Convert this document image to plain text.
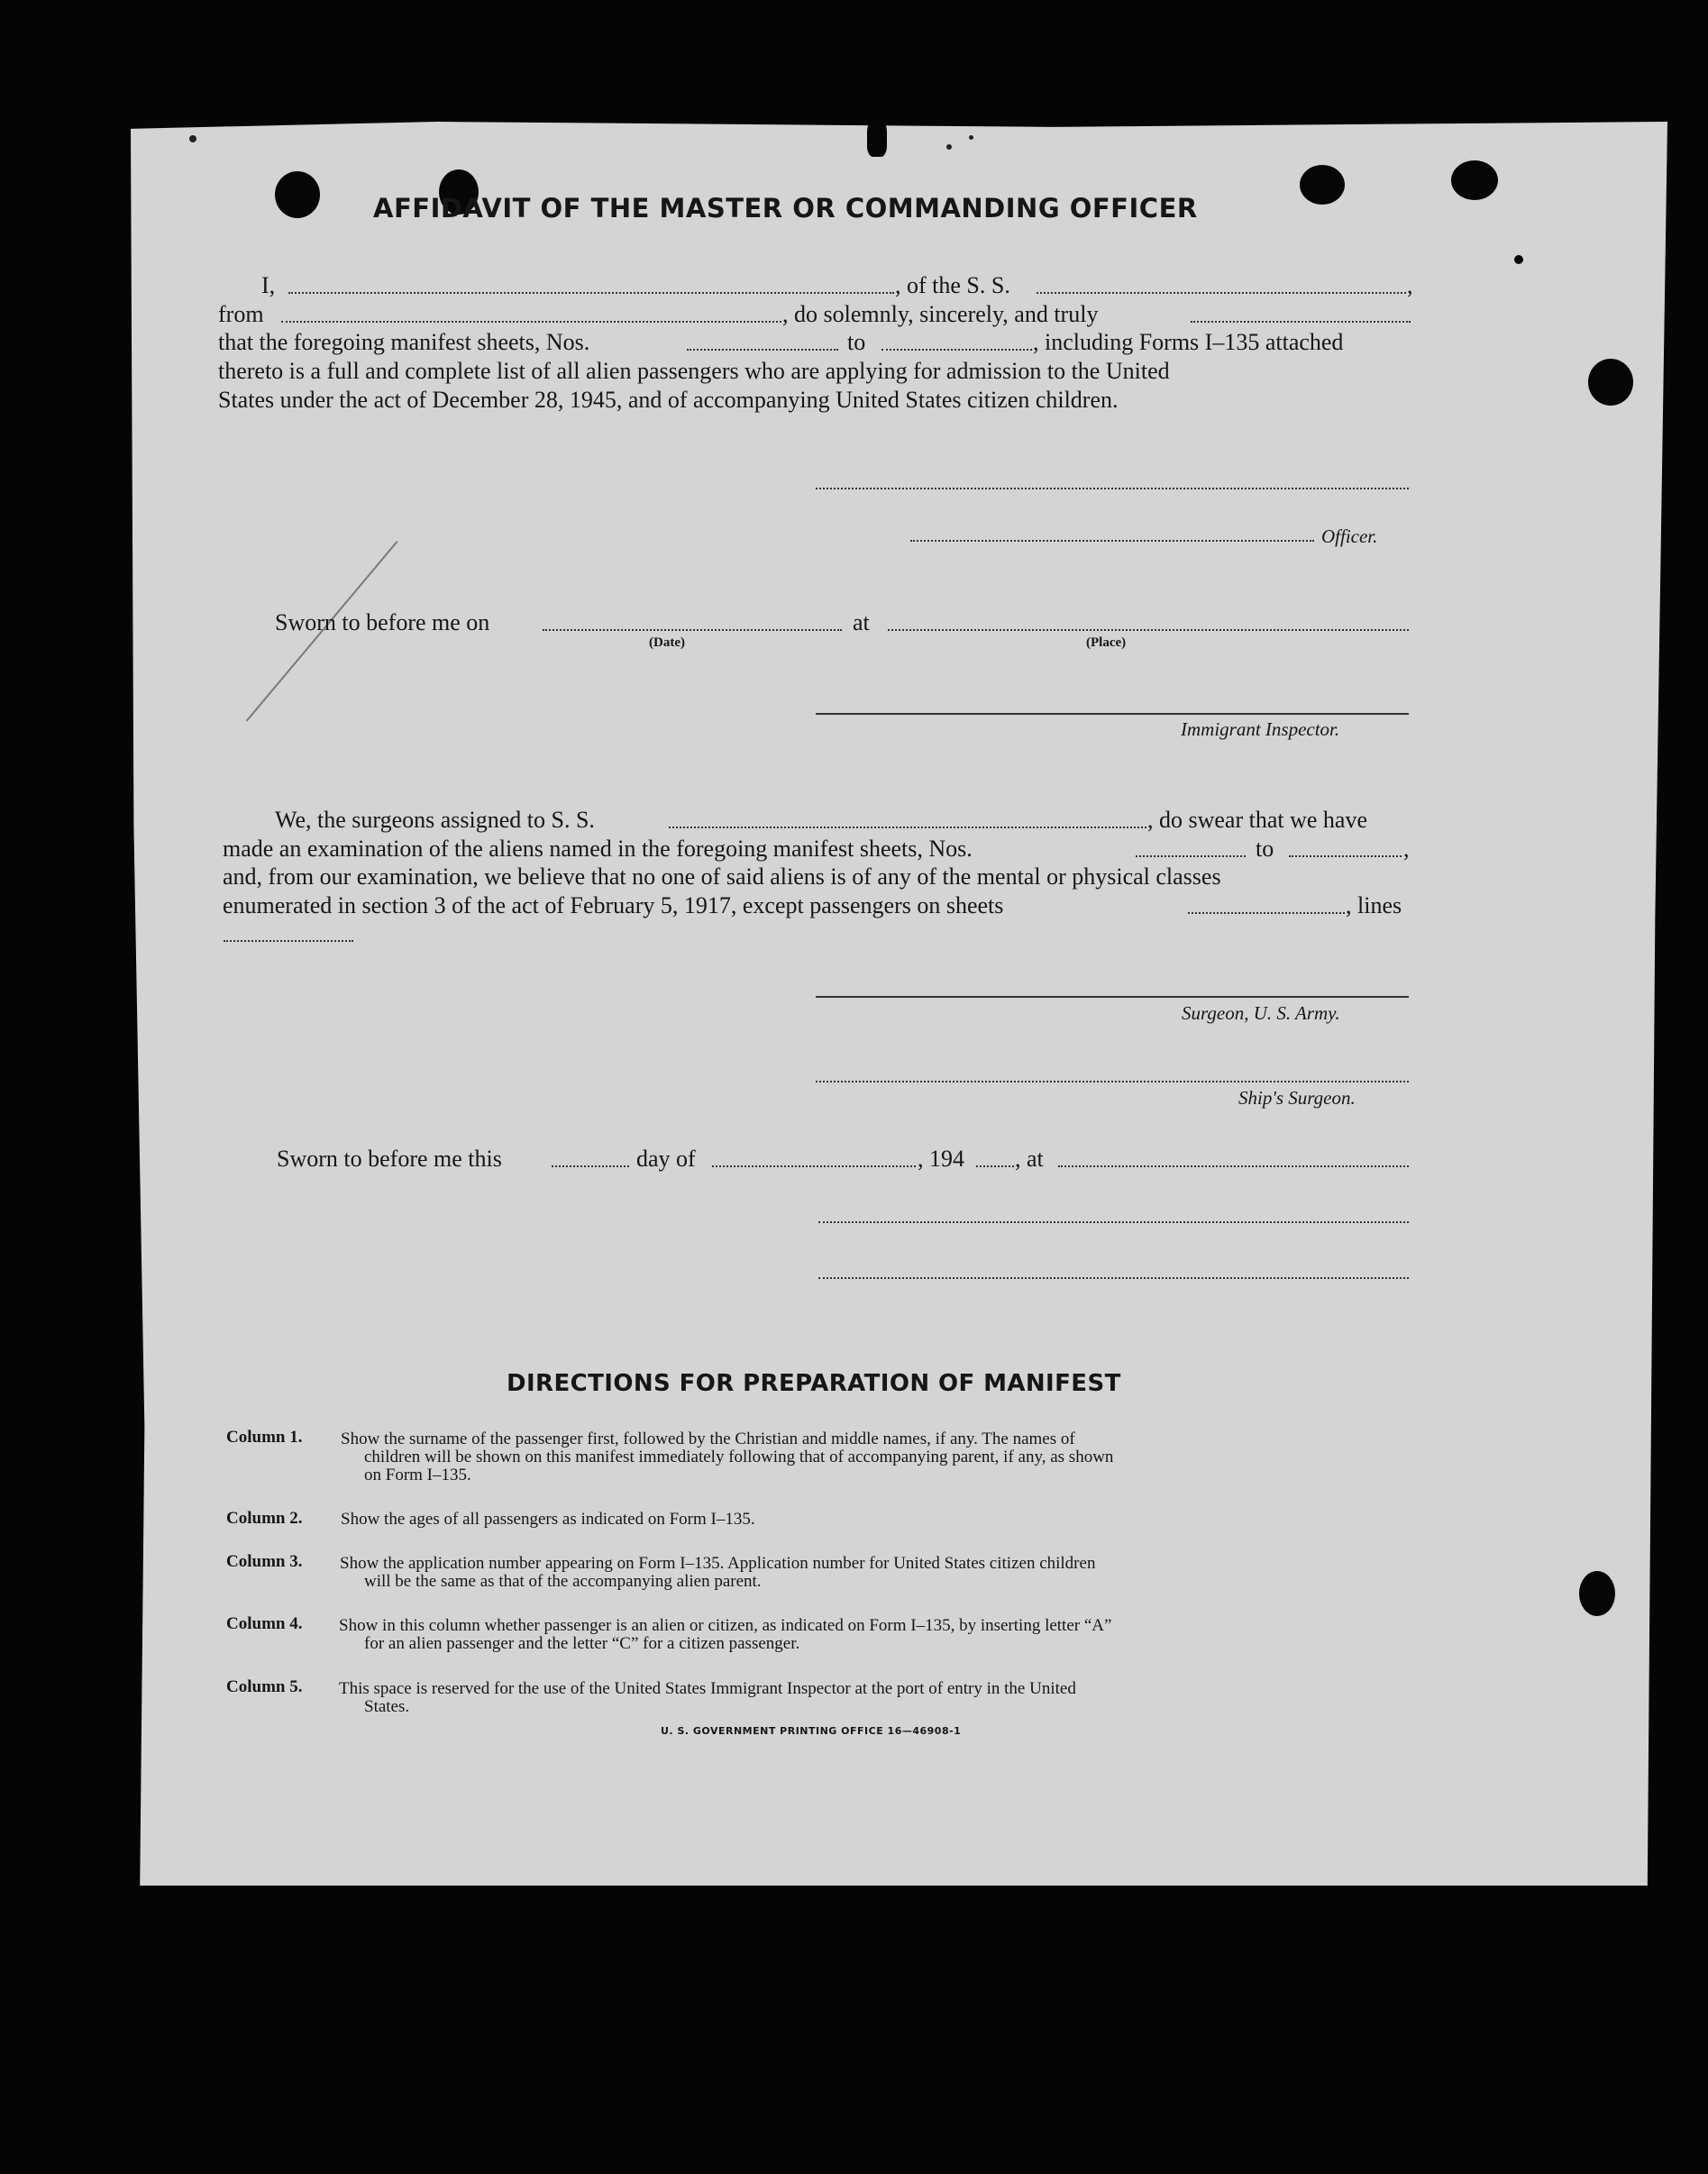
AFFIDAVIT OF THE MASTER OR COMMANDING OFFICER
I,	, of the S. S.	,
from	, do solemnly, sincerely, and truly
that the foregoing manifest sheets, Nos.	to	, including Forms I–135 attached
thereto is a full and complete list of all alien passengers who are applying for admission to the United
States under the act of December 28, 1945, and of accompanying United States citizen children.
Officer.
Sworn to before me on	at
(Date)	(Place)
Immigrant Inspector.
We, the surgeons assigned to S. S.	, do swear that we have
made an examination of the aliens named in the foregoing manifest sheets, Nos.	to	,
and, from our examination, we believe that no one of said aliens is of any of the mental or physical classes
enumerated in section 3 of the act of February 5, 1917, except passengers on sheets	, lines
Surgeon, U. S. Army.
Ship's Surgeon.
Sworn to before me this	day of	, 194 , at
DIRECTIONS FOR PREPARATION OF MANIFEST
Column 1. Show the surname of the passenger first, followed by the Christian and middle names, if any. The names of
children will be shown on this manifest immediately following that of accompanying parent, if any, as shown
on Form I–135.
Column 2. Show the ages of all passengers as indicated on Form I–135.
Column 3. Show the application number appearing on Form I–135. Application number for United States citizen children
will be the same as that of the accompanying alien parent.
Column 4. Show in this column whether passenger is an alien or citizen, as indicated on Form I–135, by inserting letter “A”
for an alien passenger and the letter “C” for a citizen passenger.
Column 5. This space is reserved for the use of the United States Immigrant Inspector at the port of entry in the United
States.
U. S. GOVERNMENT PRINTING OFFICE 16—46908-1
